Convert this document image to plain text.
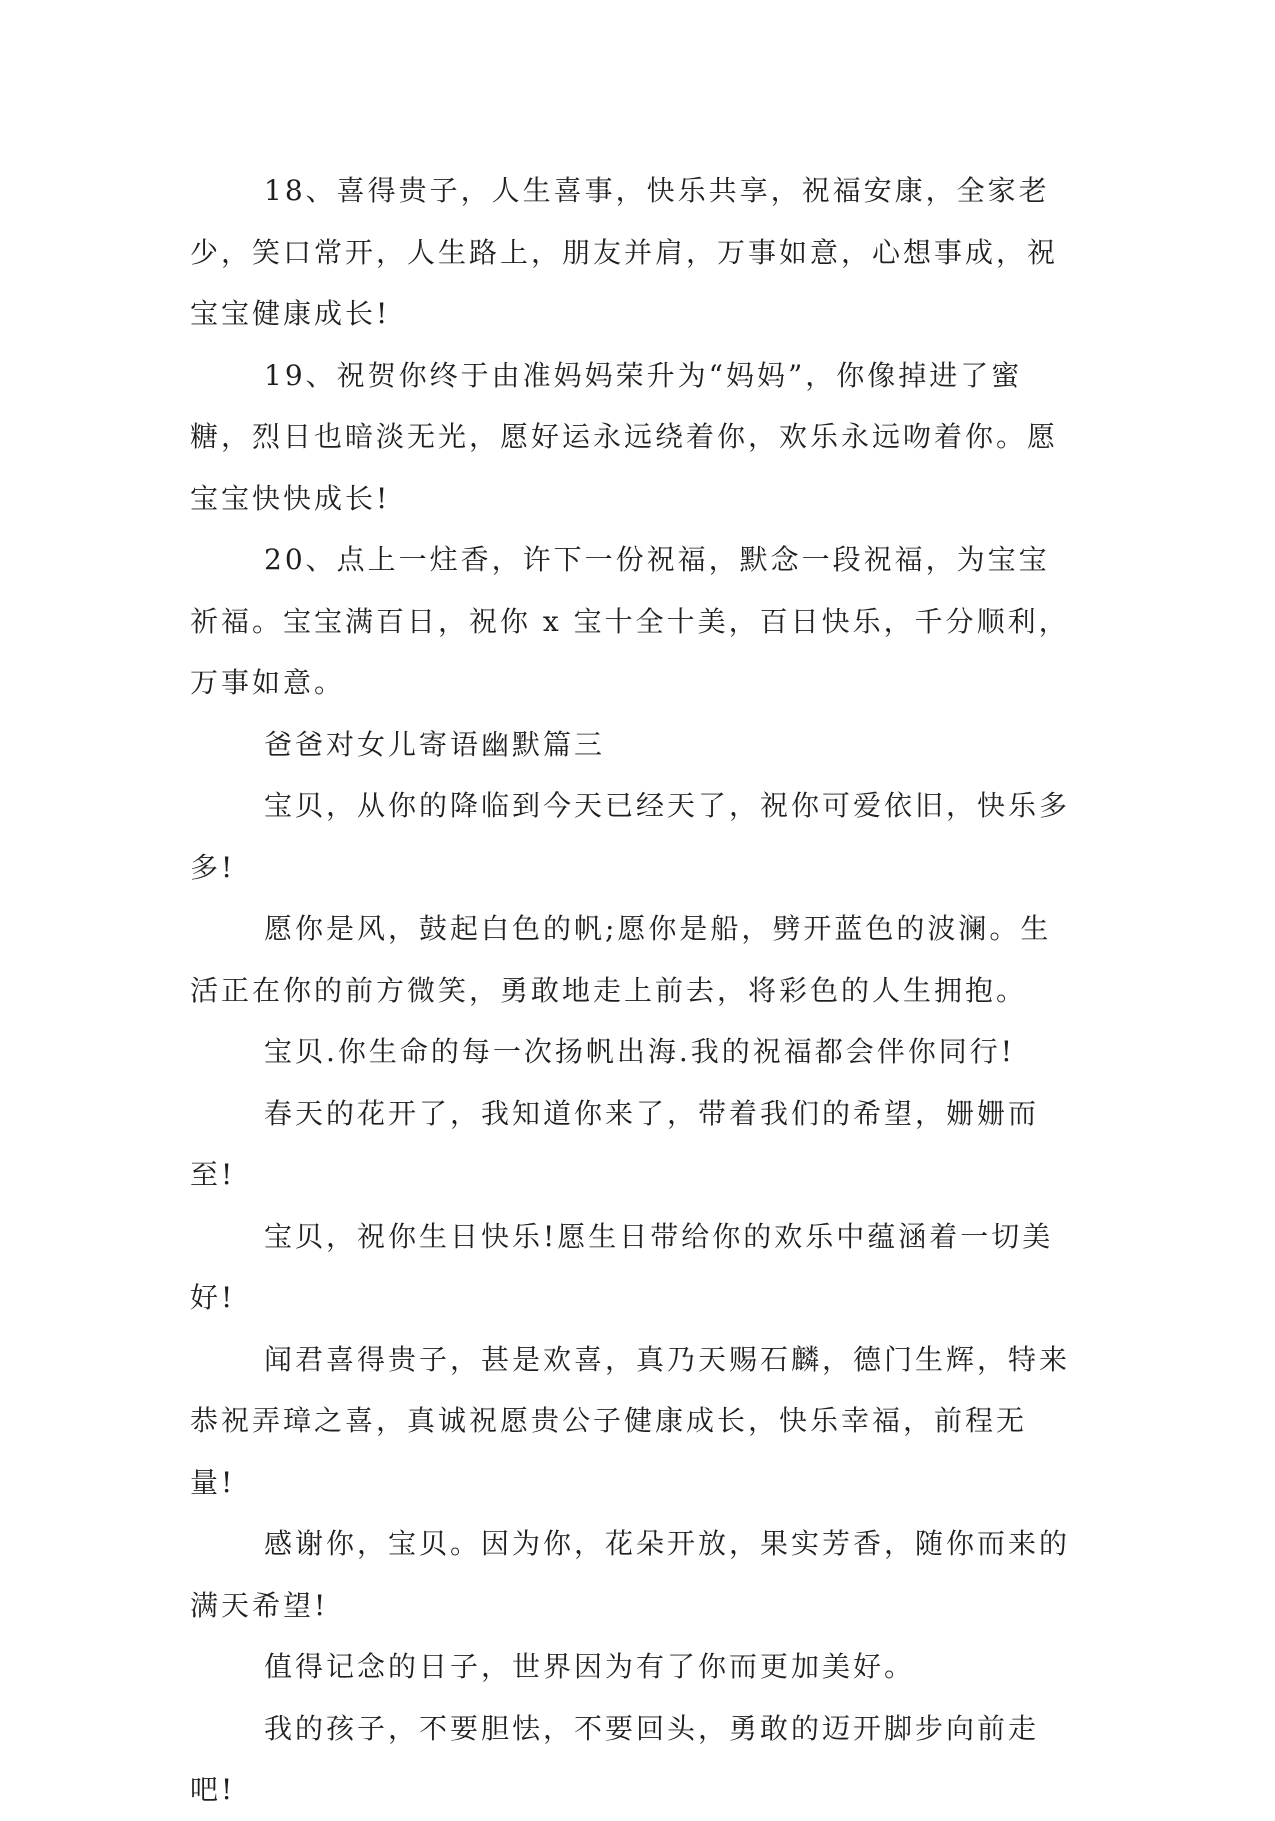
18、喜得贵子，人生喜事，快乐共享，祝福安康，全家老少，笑口常开，人生路上，朋友并肩，万事如意，心想事成，祝宝宝健康成长!

19、祝贺你终于由准妈妈荣升为“妈妈”，你像掉进了蜜糖，烈日也暗淡无光，愿好运永远绕着你，欢乐永远吻着你。愿宝宝快快成长!

20、点上一炷香，许下一份祝福，默念一段祝福，为宝宝祈福。宝宝满百日，祝你 x 宝十全十美，百日快乐，千分顺利，万事如意。

爸爸对女儿寄语幽默篇三

宝贝，从你的降临到今天已经天了，祝你可爱依旧，快乐多多!

愿你是风，鼓起白色的帆;愿你是船，劈开蓝色的波澜。生活正在你的前方微笑，勇敢地走上前去，将彩色的人生拥抱。

宝贝.你生命的每一次扬帆出海.我的祝福都会伴你同行!

春天的花开了，我知道你来了，带着我们的希望，姗姗而至!

宝贝，祝你生日快乐!愿生日带给你的欢乐中蕴涵着一切美好!

闻君喜得贵子，甚是欢喜，真乃天赐石麟，德门生辉，特来恭祝弄璋之喜，真诚祝愿贵公子健康成长，快乐幸福，前程无量!

感谢你，宝贝。因为你，花朵开放，果实芳香，随你而来的满天希望!

值得记念的日子，世界因为有了你而更加美好。

我的孩子，不要胆怯，不要回头，勇敢的迈开脚步向前走吧!
